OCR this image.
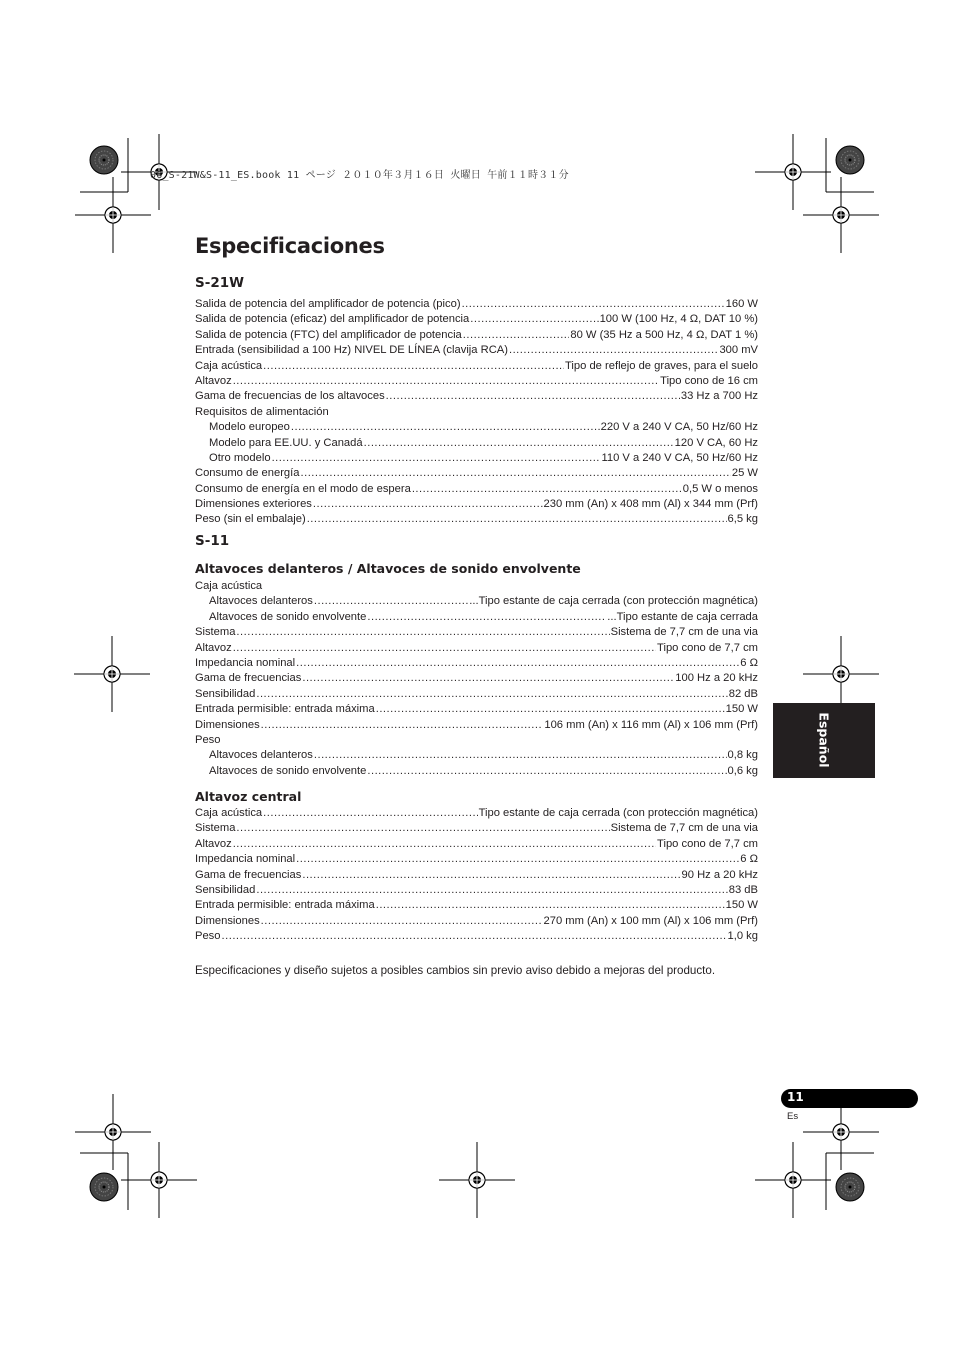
06_S-21W&S-11_ES.book 11 ページ ２０１０年３月１６日 火曜日 午前１１時３１分
Especificaciones
S-21W
Salida de potencia del amplificador de potencia (pico) .....	160 W
Salida de potencia (eficaz) del amplificador de potencia .....	100 W (100 Hz, 4 Ω, DAT 10 %)
Salida de potencia (FTC) del amplificador de potencia .....	80 W (35 Hz a 500 Hz, 4 Ω, DAT 1 %)
Entrada (sensibilidad a 100 Hz) NIVEL DE LÍNEA (clavija RCA) .....	300 mV
Caja acústica .....	Tipo de reflejo de graves, para el suelo
Altavoz .....	Tipo cono de 16 cm
Gama de frecuencias de los altavoces .....	33 Hz a 700 Hz
Requisitos de alimentación
Modelo europeo .....	220 V a 240 V CA, 50 Hz/60 Hz
Modelo para EE.UU. y Canadá .....	120 V CA, 60 Hz
Otro modelo .....	110 V a 240 V CA, 50 Hz/60 Hz
Consumo de energía .....	25 W
Consumo de energía en el modo de espera .....	0,5 W o menos
Dimensiones exteriores .....	230 mm (An) x 408 mm (Al) x 344 mm (Prf)
Peso (sin el embalaje) .....	6,5 kg
S-11
Altavoces delanteros / Altavoces de sonido envolvente
Caja acústica
Altavoces delanteros .....	...Tipo estante de caja cerrada (con protección magnética)
Altavoces de sonido envolvente .....	...Tipo estante de caja cerrada
Sistema .....	Sistema de 7,7 cm de una via
Altavoz .....	Tipo cono de 7,7 cm
Impedancia nominal .....	6 Ω
Gama de frecuencias .....	100 Hz a 20 kHz
Sensibilidad .....	82 dB
Entrada permisible: entrada máxima .....	150 W
Dimensiones .....	106 mm (An) x 116 mm (Al) x 106 mm (Prf)
Peso
Altavoces delanteros .....	0,8 kg
Altavoces de sonido envolvente .....	0,6 kg
Altavoz central
Caja acústica .....	Tipo estante de caja cerrada (con protección magnética)
Sistema .....	Sistema de 7,7 cm de una via
Altavoz .....	Tipo cono de 7,7 cm
Impedancia nominal .....	6 Ω
Gama de frecuencias .....	90 Hz a 20 kHz
Sensibilidad .....	83 dB
Entrada permisible: entrada máxima .....	150 W
Dimensiones .....	270 mm (An) x 100 mm (Al) x 106 mm (Prf)
Peso .....	1,0 kg

Especificaciones y diseño sujetos a posibles cambios sin previo aviso debido a mejoras del producto.

Español
11
Es
